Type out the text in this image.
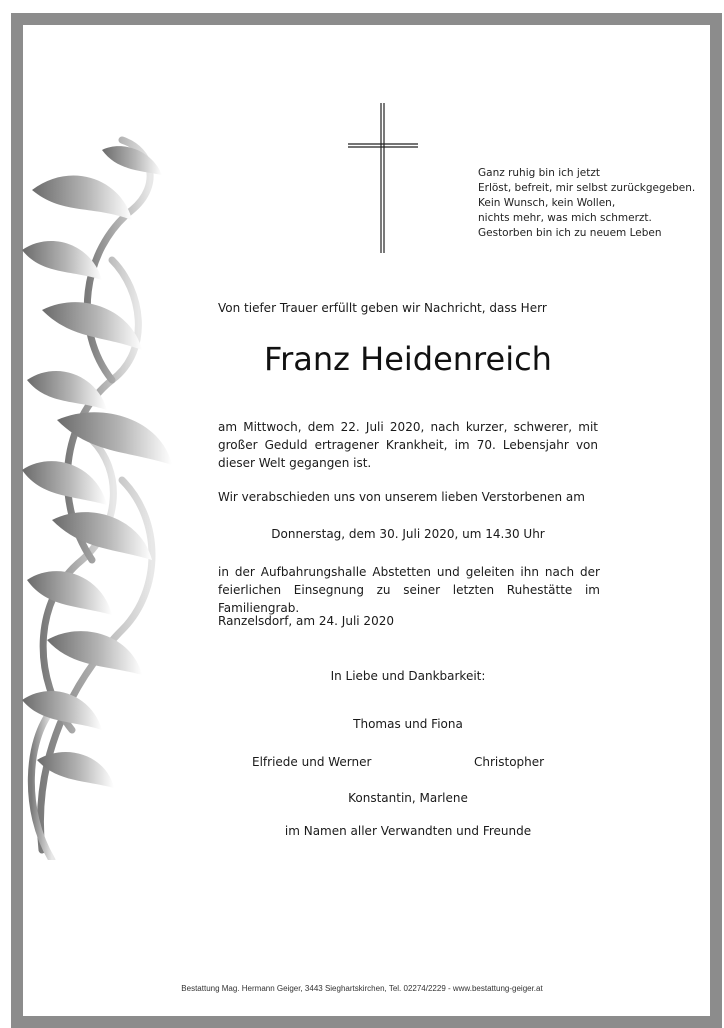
Ganz ruhig bin ich jetzt
Erlöst, befreit, mir selbst zurückgegeben.
Kein Wunsch, kein Wollen,
nichts mehr, was mich schmerzt.
Gestorben bin ich zu neuem Leben
Von tiefer Trauer erfüllt geben wir Nachricht, dass Herr
Franz Heidenreich
am Mittwoch, dem 22. Juli 2020, nach kurzer, schwerer, mit großer Geduld ertragener Krankheit, im 70. Lebensjahr von dieser Welt gegangen ist.
Wir verabschieden uns von unserem lieben Verstorbenen am
Donnerstag, dem 30. Juli 2020, um 14.30 Uhr
in der Aufbahrungshalle Abstetten und geleiten ihn nach der feierlichen Einsegnung zu seiner letzten Ruhestätte im Familiengrab.
Ranzelsdorf, am 24. Juli 2020
In Liebe und Dankbarkeit:
Thomas und Fiona
Elfriede und Werner	Christopher
Konstantin, Marlene
im Namen aller Verwandten und Freunde
Bestattung Mag. Hermann Geiger, 3443 Sieghartskirchen, Tel. 02274/2229 - www.bestattung-geiger.at
